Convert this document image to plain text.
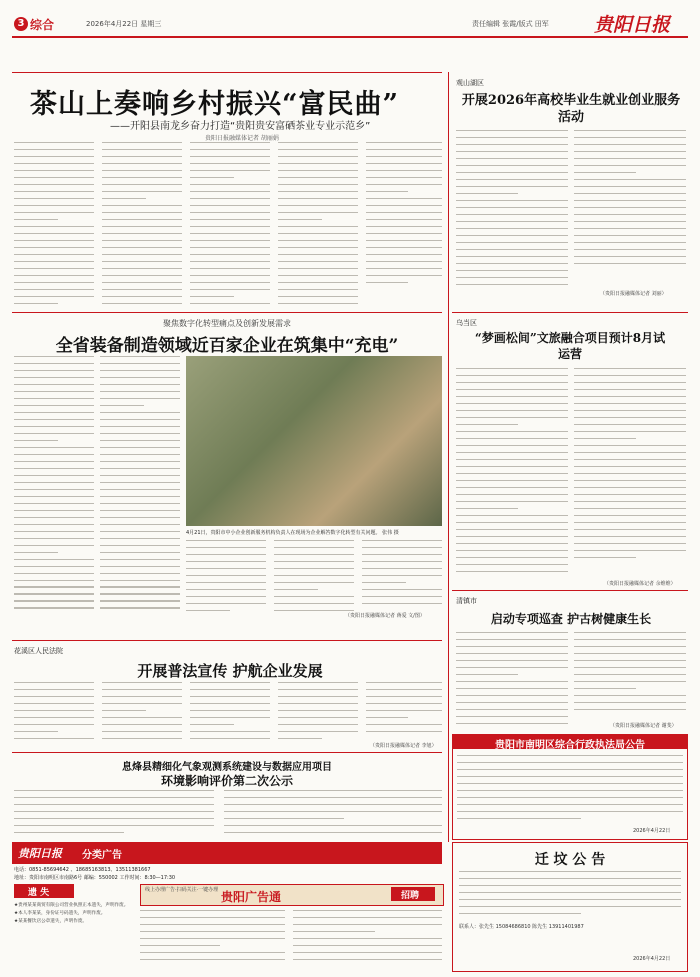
3 综合	2026年4月22日 星期三	责任编辑 张霞/版式 田军 贵阳日报
茶山上奏响乡村振兴“富民曲”
——开阳县南龙乡奋力打造“贵阳贵安富硒茶业专业示范乡”
贵阳日报融媒体记者 胡丽娟
观山湖区
开展2026年高校毕业生就业创业服务活动
（贵阳日报融媒体记者 刘丽）
聚焦数字化转型痛点及创新发展需求
全省装备制造领域近百家企业在筑集中“充电”
4月21日，贵阳市中小企业创新服务机构负责人在现场为企业解答数字化转型有关问题。 张伟 摄
（贵阳日报融媒体记者 蒋爱 文/图）
乌当区
“梦画松间”文旅融合项目预计8月试运营
（贵阳日报融媒体记者 余维维）
清镇市
启动专项巡查 护古树健康生长
（贵阳日报融媒体记者 谢斐）
花溪区人民法院
开展普法宣传 护航企业发展
（贵阳日报融媒体记者 李旭）
息烽县精细化气象观测系统建设与数据应用项目
环境影响评价第二次公示
贵阳市南明区综合行政执法局公告
2026年4月22日
贵阳日报 分类广告
电话：0851-85694642 、18685163813、13511381667
地址：贵阳市南明区市南路6号 邮编：550002 工作时间：8:30—17:30
遗 失
★贵州某某商贸有限公司营业执照正本遗失，声明作废。
★本人李某某，身份证号码遗失，声明作废。
★某某餐饮店公章遗失，声明作废。
线上办理广告·扫码关注·一键办理 贵阳广告通	招聘
迁 坟 公 告
联系人：张先生 15084686810 陈先生 13911401987
2026年4月22日
